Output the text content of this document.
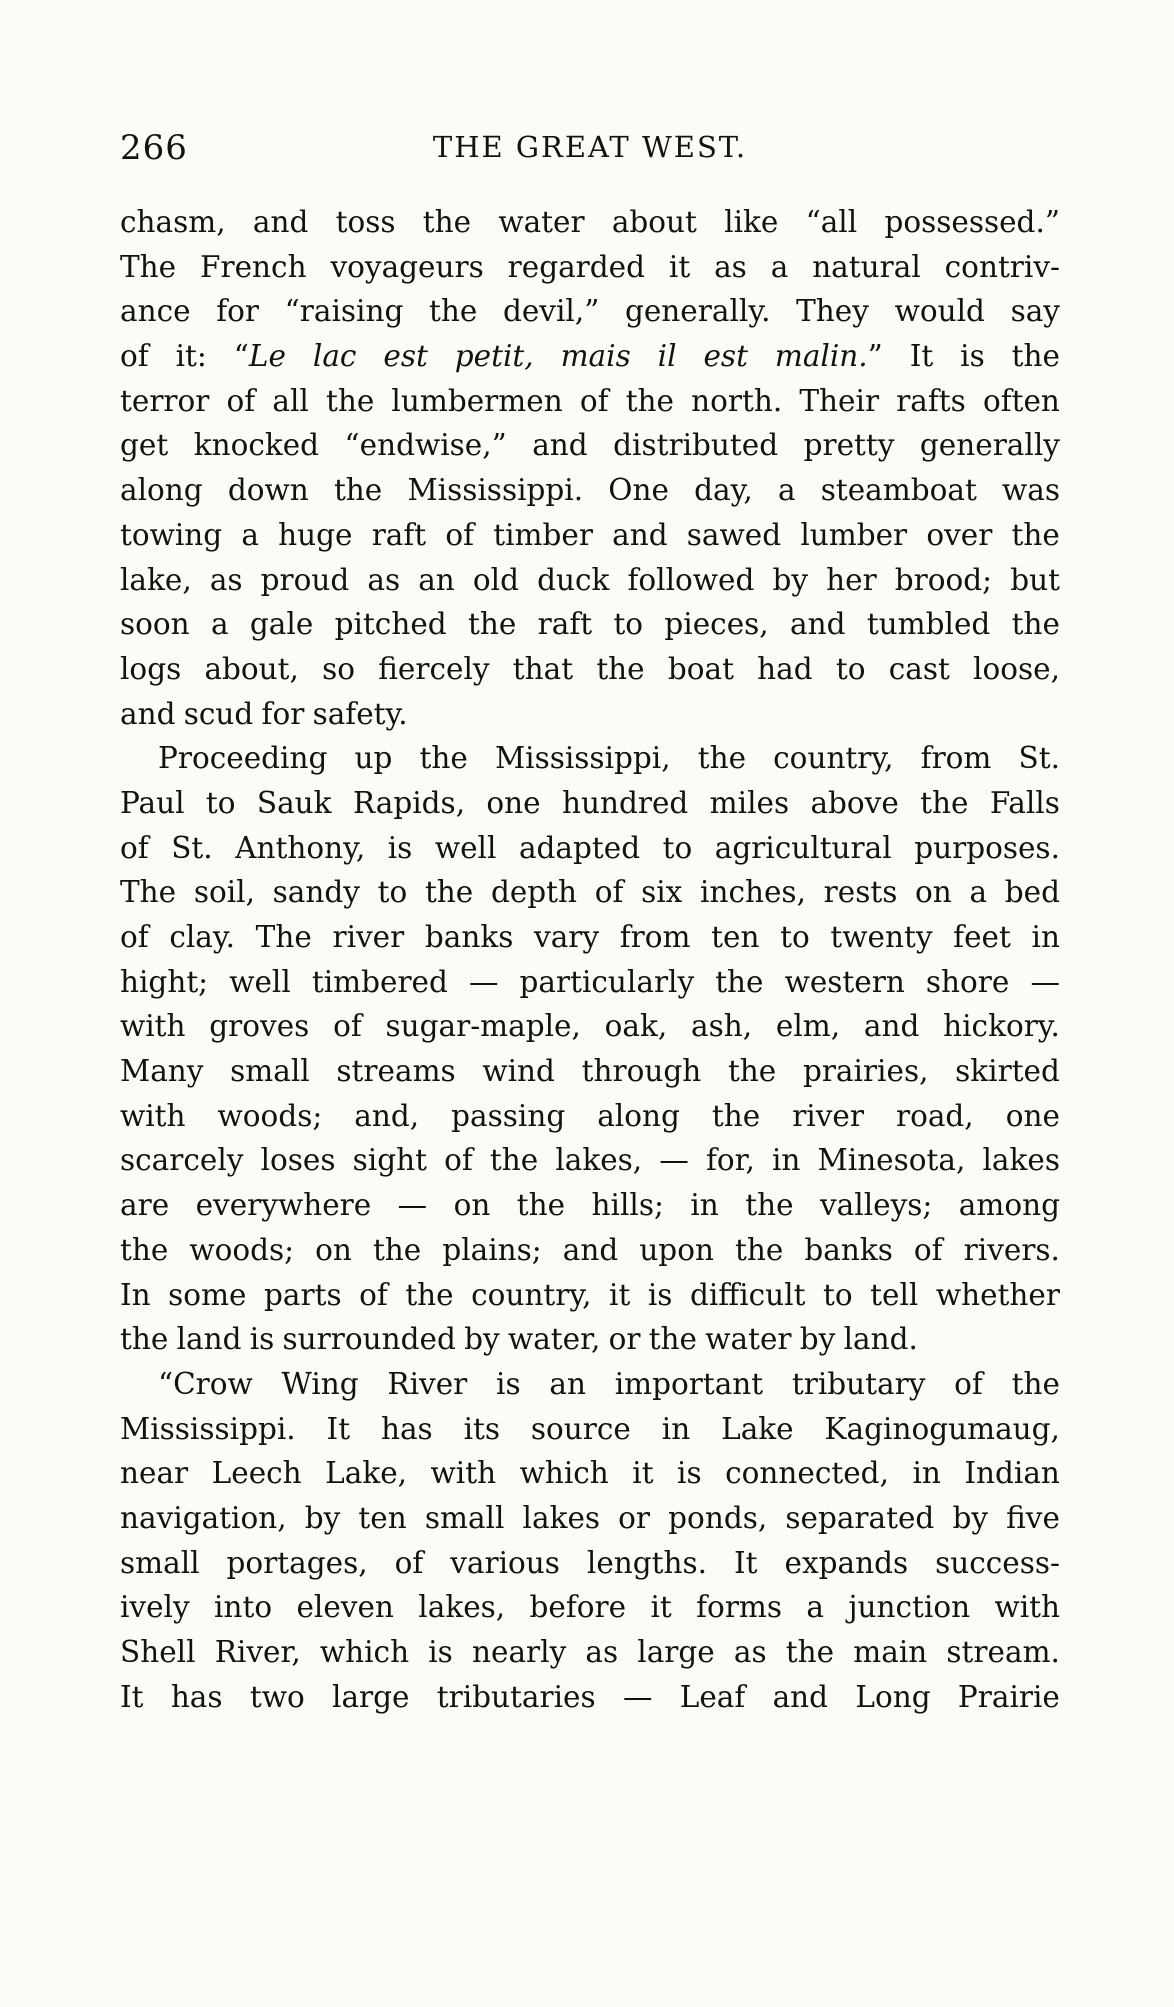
266	THE GREAT WEST.
chasm, and toss the water about like “all possessed.”
The French voyageurs regarded it as a natural contriv-
ance for “raising the devil,” generally. They would say
of it: “Le lac est petit, mais il est malin.” It is the
terror of all the lumbermen of the north. Their rafts often
get knocked “endwise,” and distributed pretty generally
along down the Mississippi. One day, a steamboat was
towing a huge raft of timber and sawed lumber over the
lake, as proud as an old duck followed by her brood; but
soon a gale pitched the raft to pieces, and tumbled the
logs about, so fiercely that the boat had to cast loose,
and scud for safety.
Proceeding up the Mississippi, the country, from St.
Paul to Sauk Rapids, one hundred miles above the Falls
of St. Anthony, is well adapted to agricultural purposes.
The soil, sandy to the depth of six inches, rests on a bed
of clay. The river banks vary from ten to twenty feet in
hight; well timbered — particularly the western shore —
with groves of sugar-maple, oak, ash, elm, and hickory.
Many small streams wind through the prairies, skirted
with woods; and, passing along the river road, one
scarcely loses sight of the lakes, — for, in Minesota, lakes
are everywhere — on the hills; in the valleys; among
the woods; on the plains; and upon the banks of rivers.
In some parts of the country, it is difficult to tell whether
the land is surrounded by water, or the water by land.
“Crow Wing River is an important tributary of the
Mississippi. It has its source in Lake Kaginogumaug,
near Leech Lake, with which it is connected, in Indian
navigation, by ten small lakes or ponds, separated by five
small portages, of various lengths. It expands success-
ively into eleven lakes, before it forms a junction with
Shell River, which is nearly as large as the main stream.
It has two large tributaries — Leaf and Long Prairie
